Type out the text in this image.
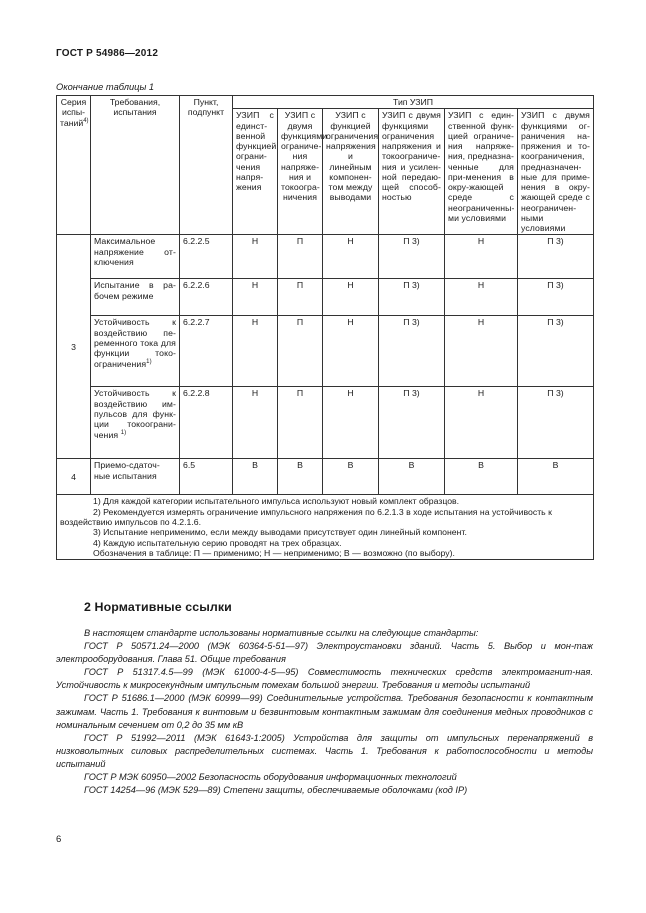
ГОСТ Р 54986—2012
Окончание таблицы 1
Серия испы-таний$^{4)}$	Требования, испытания	Пункт, подпункт	Тип УЗИП					
			УЗИП с единст-венной функцией ограни-чения напря-жения	УЗИП с двумя функциями ограниче-ния напряже-ния и токоогра-ничения	УЗИП с функцией ограничения напряжения и линейным компонен-том между выводами	УЗИП с двумя функциями ограничения напряжения и токоограниче-ния и усилен-ной передаю-щей способ-ностью	УЗИП с един-ственной функ-цией ограниче-ния напряже-ния, предназна-ченные для при-менения в окру-жающей среде с неограниченны-ми условиями	УЗИП с двумя функциями ог-раничения на-пряжения и то-коограничения, предназначен-ные для приме-нения в окру-жающей среде с неограничен-ными условиями
3	Максимальное напряжение от-ключения	6.2.2.5	Н	П	Н	П 3)	Н	П 3)
	Испытание в ра-бочем режиме	6.2.2.6	Н	П	Н	П 3)	Н	П 3)
	Устойчивость к воздействию пе-ременного тока для функции токо-ограничения$^{1)}$	6.2.2.7	Н	П	Н	П 3)	Н	П 3)
	Устойчивость к воздействию им-пульсов для функ-ции токоограни-чения $^{1)}$	6.2.2.8	Н	П	Н	П 3)	Н	П 3)
4	Приемо-сдаточ-ные испытания	6.5	В	В	В	В	В	В

1) Для каждой категории испытательного импульса используют новый комплект образцов.
2) Рекомендуется измерять ограничение импульсного напряжения по 6.2.1.3 в ходе испытания на устойчивость к воздействию импульсов по 4.2.1.6.
3) Испытание неприменимо, если между выводами присутствует один линейный компонент.
4) Каждую испытательную серию проводят на трех образцах.
Обозначения в таблице: П — применимо; Н — неприменимо; В — возможно (по выбору).								
2 Нормативные ссылки

В настоящем стандарте использованы нормативные ссылки на следующие стандарты:

ГОСТ Р 50571.24—2000 (МЭК 60364-5-51—97) Электроустановки зданий. Часть 5. Выбор и мон-таж электрооборудования. Глава 51. Общие требования

ГОСТ Р 51317.4.5—99 (МЭК 61000-4-5—95) Совместимость технических средств электромагнит-ная. Устойчивость к микросекундным импульсным помехам большой энергии. Требования и методы испытаний

ГОСТ Р 51686.1—2000 (МЭК 60999—99) Соединительные устройства. Требования безопасности к контактным зажимам. Часть 1. Требования к винтовым и безвинтовым контактным зажимам для соединения медных проводников с номинальным сечением от 0,2 до 35 мм кВ

ГОСТ Р 51992—2011 (МЭК 61643-1:2005) Устройства для защиты от импульсных перенапряжений в низковольтных силовых распределительных системах. Часть 1. Требования к работоспособности и методы испытаний

ГОСТ Р МЭК 60950—2002 Безопасность оборудования информационных технологий

ГОСТ 14254—96 (МЭК 529—89) Степени защиты, обеспечиваемые оболочками (код IP)

6
